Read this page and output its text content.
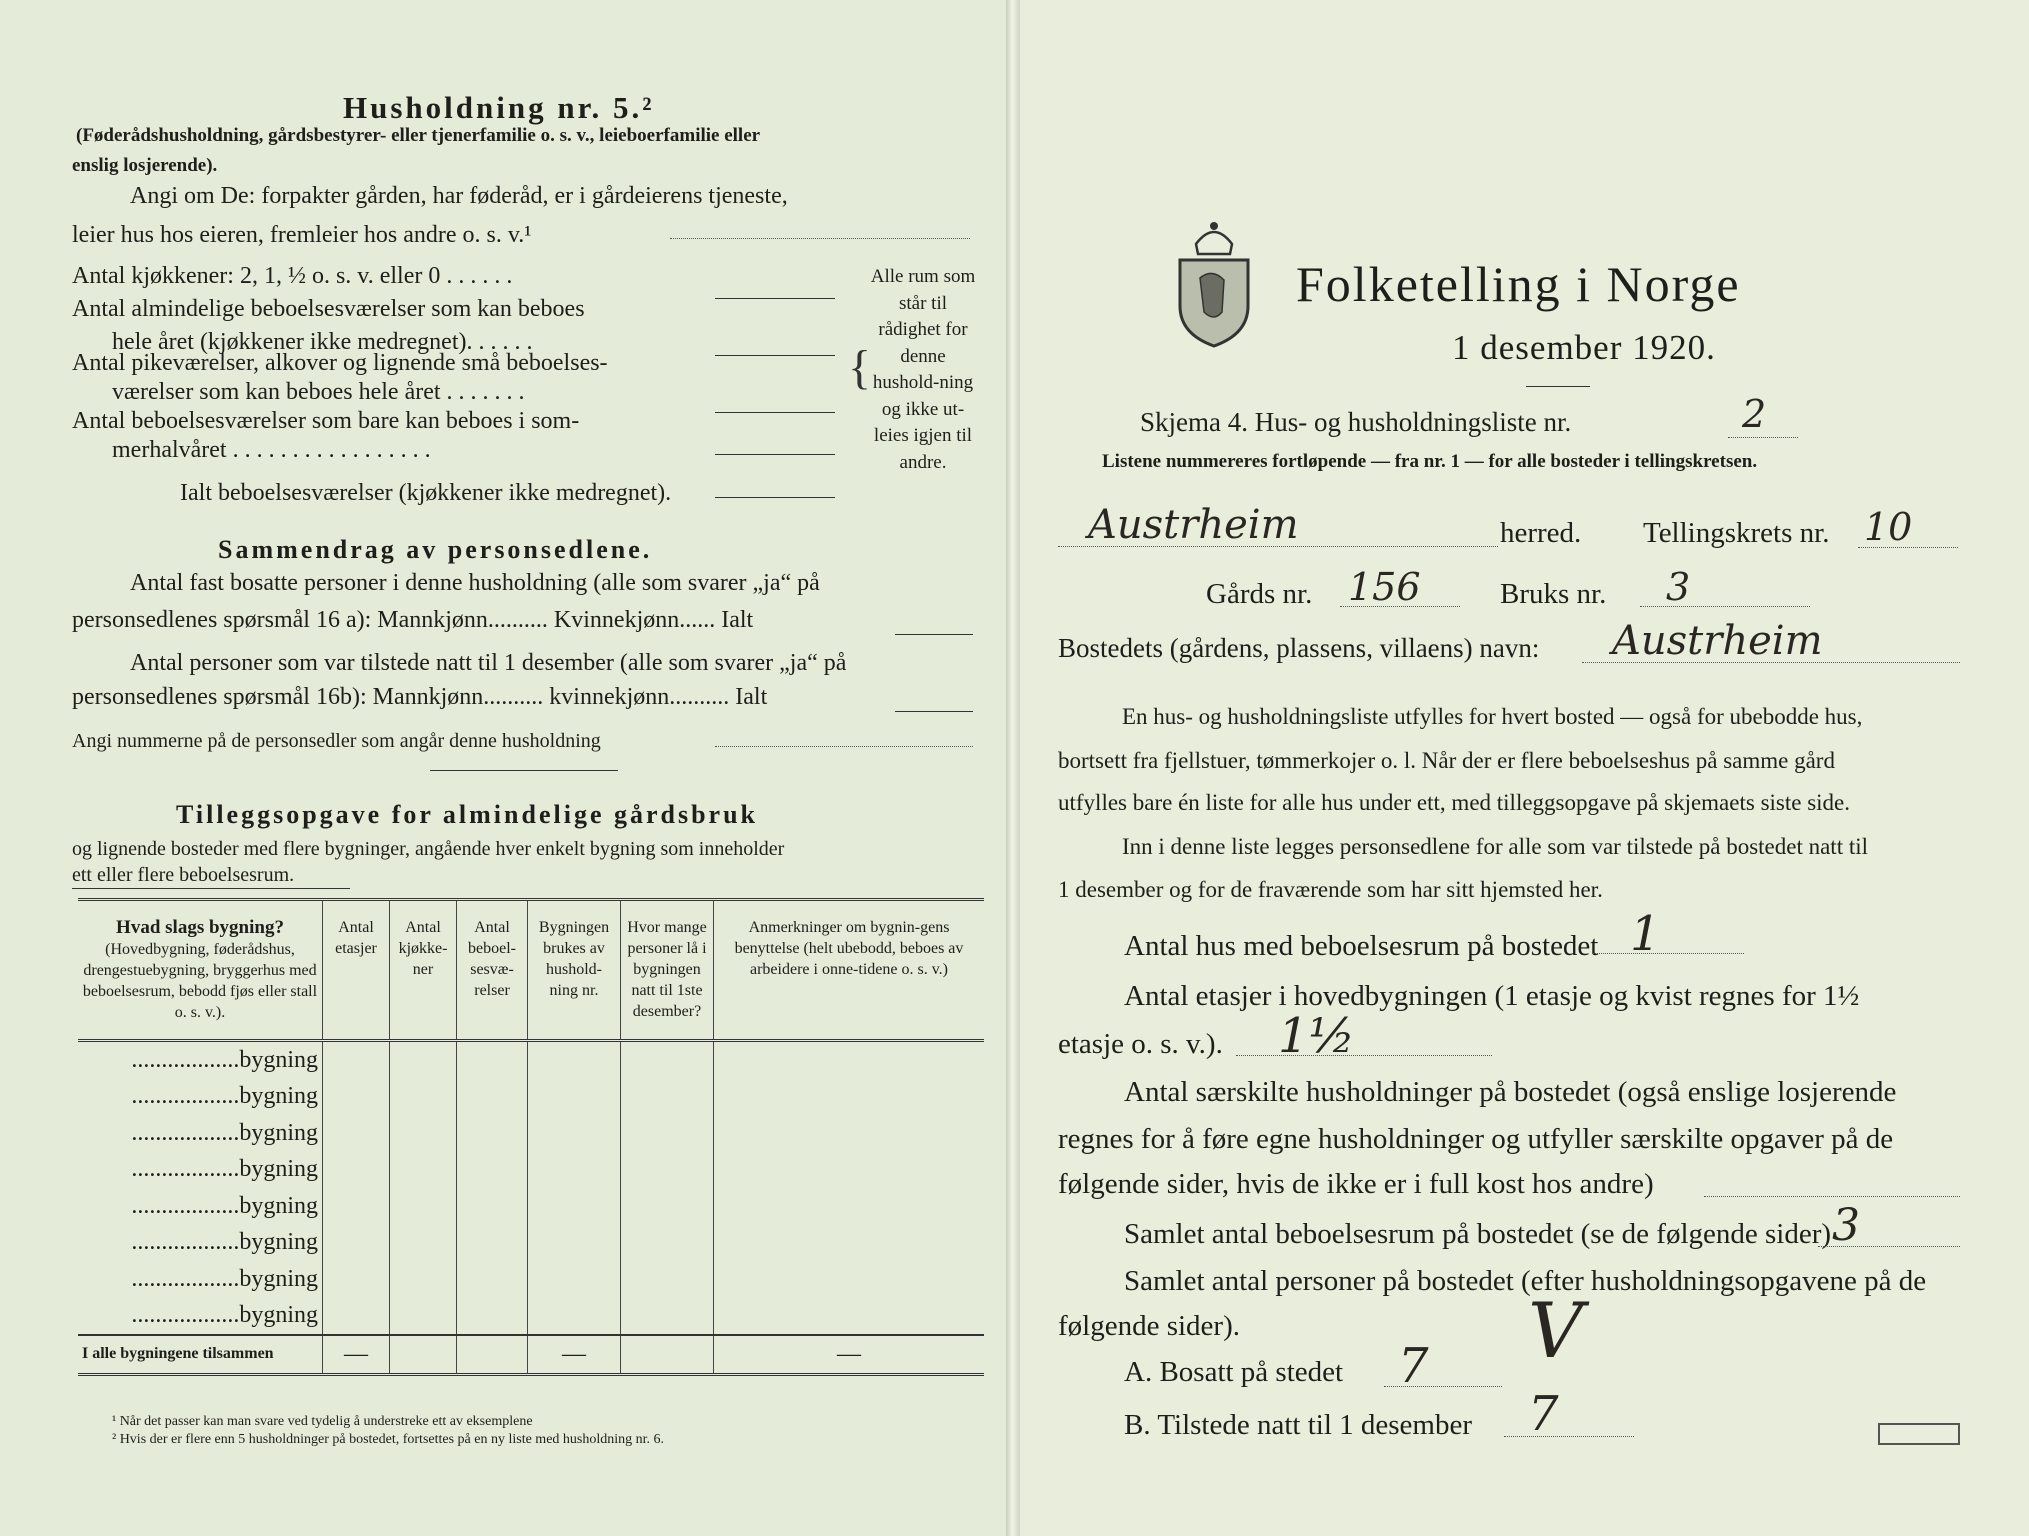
Husholdning nr. 5.²
(Føderådshusholdning, gårdsbestyrer- eller tjenerfamilie o. s. v., leieboerfamilie eller
enslig losjerende).
Angi om De: forpakter gården, har føderåd, er i gårdeierens tjeneste,
leier hus hos eieren, fremleier hos andre o. s. v.¹
Antal kjøkkener: 2, 1, ½ o. s. v. eller 0 . . . . . .
Antal almindelige beboelsesværelser som kan beboes
hele året (kjøkkener ikke medregnet). . . . . .
Antal pikeværelser, alkover og lignende små beboelses-
værelser som kan beboes hele året . . . . . . .
Antal beboelsesværelser som bare kan beboes i som-
merhalvåret . . . . . . . . . . . . . . . . .
Ialt beboelsesværelser (kjøkkener ikke medregnet).
{
Alle rum som står til rådighet for denne hushold-ning og ikke ut-leies igjen til andre.
Sammendrag av personsedlene.
Antal fast bosatte personer i denne husholdning (alle som svarer „ja“ på
personsedlenes spørsmål 16 a): Mannkjønn.......... Kvinnekjønn...... Ialt
Antal personer som var tilstede natt til 1 desember (alle som svarer „ja“ på
personsedlenes spørsmål 16b): Mannkjønn.......... kvinnekjønn.......... Ialt
Angi nummerne på de personsedler som angår denne husholdning
Tilleggsopgave for almindelige gårdsbruk
og lignende bosteder med flere bygninger, angående hver enkelt bygning som inneholder
ett eller flere beboelsesrum.
Hvad slags bygning?
(Hovedbygning, føderådshus, drengestuebygning, bryggerhus med beboelsesrum, bebodd fjøs eller stall o. s. v.).	Antal etasjer	Antal kjøkke-ner	Antal beboel-sesvæ-relser	Bygningen brukes av hushold-ning nr.	Hvor mange personer lå i bygningen natt til 1ste desember?	Anmerkninger om bygnin-gens benyttelse (helt ubebodd, beboes av arbeidere i onne-tidene o. s. v.)
..................bygning						
..................bygning						
..................bygning						
..................bygning						
..................bygning						
..................bygning						
..................bygning						
..................bygning						
I alle bygningene tilsammen	—			—		—
¹ Når det passer kan man svare ved tydelig å understreke ett av eksemplene
² Hvis der er flere enn 5 husholdninger på bostedet, fortsettes på en ny liste med husholdning nr. 6.
Folketelling i Norge
1 desember 1920.
Skjema 4. Hus- og husholdningsliste nr.	2
Listene nummereres fortløpende — fra nr. 1 — for alle bosteder i tellingskretsen.
Austrheim	herred. Tellingskrets nr. 10
Gårds nr. 156	Bruks nr. 3
Bostedets (gårdens, plassens, villaens) navn: Austrheim
En hus- og husholdningsliste utfylles for hvert bosted — også for ubebodde hus,
bortsett fra fjellstuer, tømmerkojer o. l. Når der er flere beboelseshus på samme gård
utfylles bare én liste for alle hus under ett, med tilleggsopgave på skjemaets siste side.
Inn i denne liste legges personsedlene for alle som var tilstede på bostedet natt til
1 desember og for de fraværende som har sitt hjemsted her.
Antal hus med beboelsesrum på bostedet 1
Antal etasjer i hovedbygningen (1 etasje og kvist regnes for 1½
etasje o. s. v.). 1½
Antal særskilte husholdninger på bostedet (også enslige losjerende
regnes for å føre egne husholdninger og utfyller særskilte opgaver på de
følgende sider, hvis de ikke er i full kost hos andre)
Samlet antal beboelsesrum på bostedet (se de følgende sider) 3
Samlet antal personer på bostedet (efter husholdningsopgavene på de
følgende sider).
A. Bosatt på stedet 7 V
B. Tilstede natt til 1 desember 7
